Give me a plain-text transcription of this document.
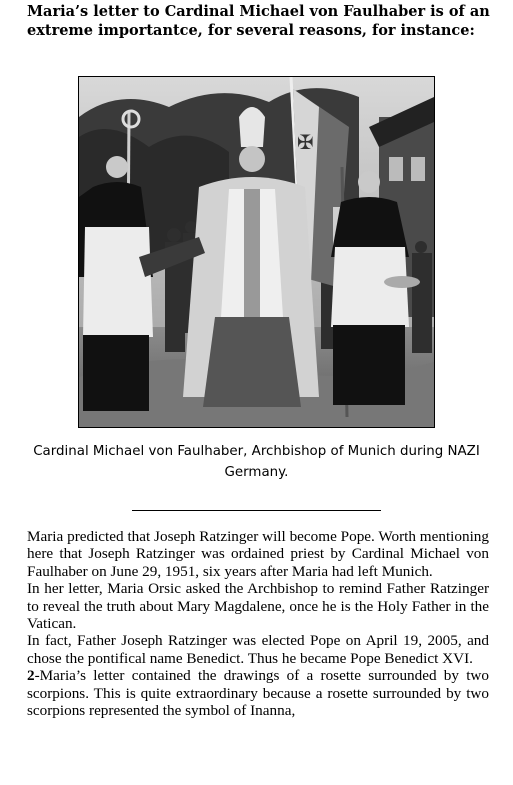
Maria’s letter to Cardinal Michael von Faulhaber is of an extreme importantce, for several reasons, for instance:
✠
Cardinal Michael von Faulhaber, Archbishop of Munich during NAZI Germany.

Maria predicted that Joseph Ratzinger will become Pope. Worth mentioning here that Joseph Ratzinger was ordained priest by Cardinal Michael von Faulhaber on June 29, 1951, six years after Maria had left Munich.

In her letter, Maria Orsic asked the Archbishop to remind Father Ratzinger to reveal the truth about Mary Magdalene, once he is the Holy Father in the Vatican.

In fact, Father Joseph Ratzinger was elected Pope on April 19, 2005, and chose the pontifical name Benedict. Thus he became Pope Benedict XVI.

2-Maria’s letter contained the drawings of a rosette surrounded by two scorpions. This is quite extraordinary because a rosette surrounded by two scorpions represented the symbol of Inanna,
